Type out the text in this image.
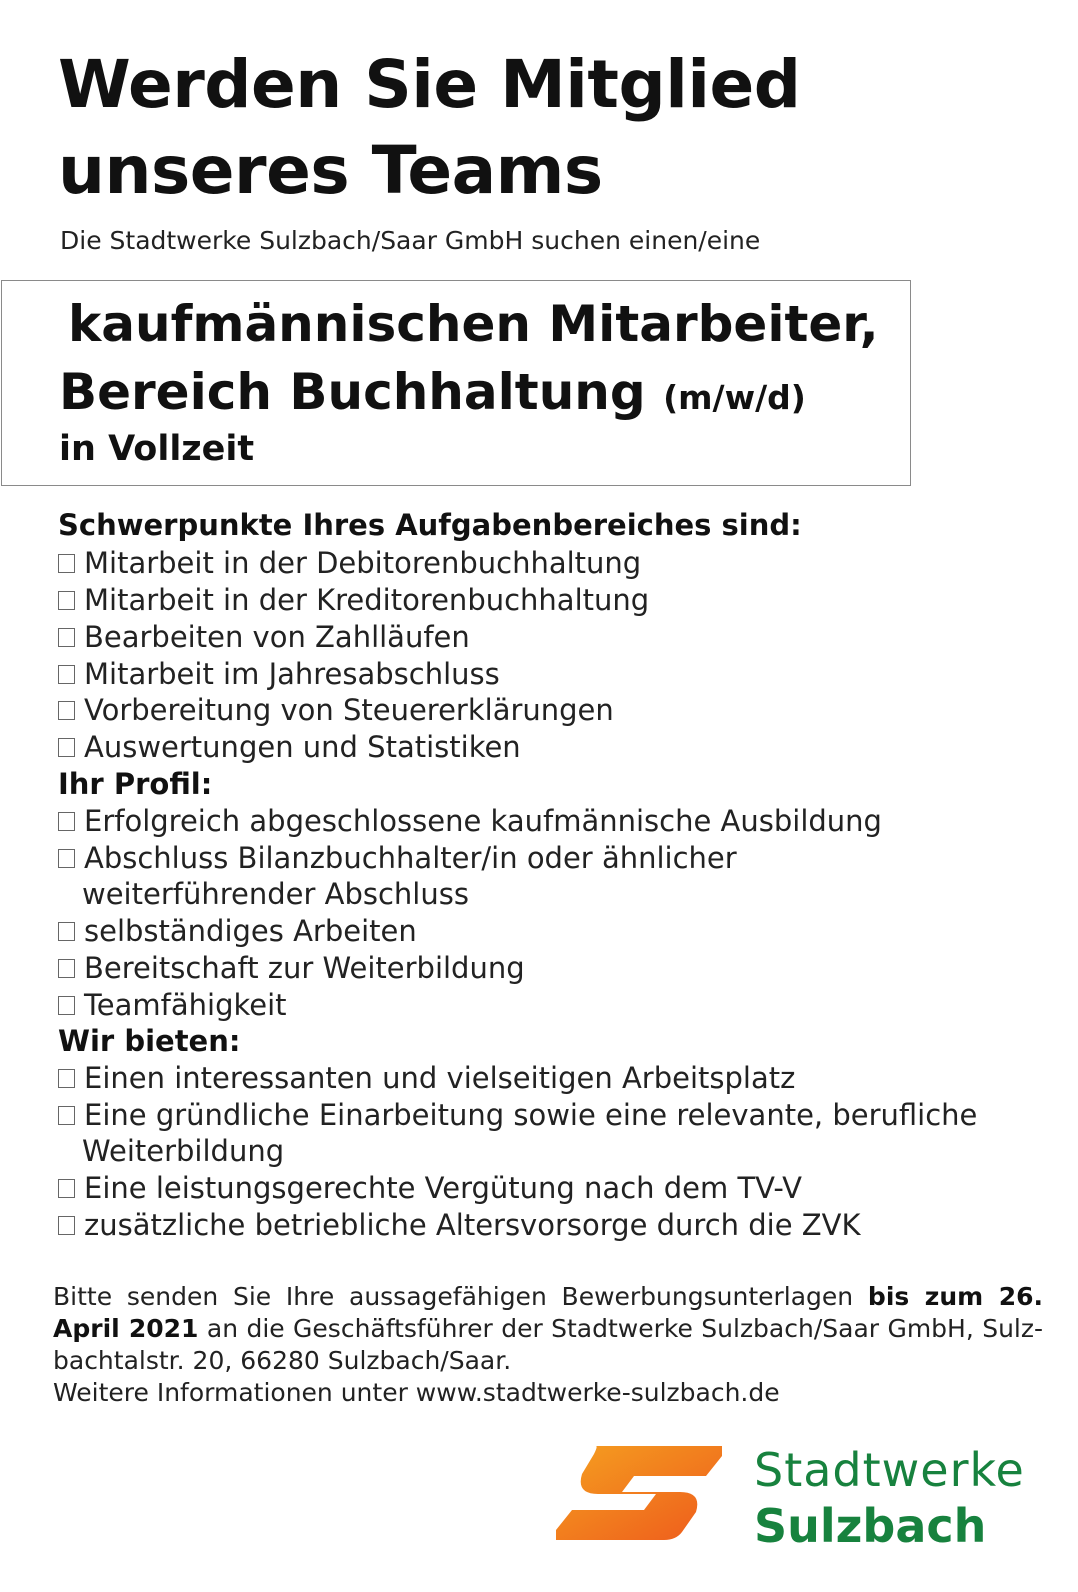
Werden Sie Mitglied
unseres Teams
Die Stadtwerke Sulzbach/Saar GmbH suchen einen/eine
kaufmännischen Mitarbeiter,
Bereich Buchhaltung (m/w/d)
in Vollzeit
Schwerpunkte Ihres Aufgabenbereiches sind:
Mitarbeit in der Debitorenbuchhaltung
Mitarbeit in der Kreditorenbuchhaltung
Bearbeiten von Zahlläufen
Mitarbeit im Jahresabschluss
Vorbereitung von Steuererklärungen
Auswertungen und Statistiken
Ihr Profil:
Erfolgreich abgeschlossene kaufmännische Ausbildung
Abschluss Bilanzbuchhalter/in oder ähnlicher
weiterführender Abschluss
selbständiges Arbeiten
Bereitschaft zur Weiterbildung
Teamfähigkeit
Wir bieten:
Einen interessanten und vielseitigen Arbeitsplatz
Eine gründliche Einarbeitung sowie eine relevante, berufliche
Weiterbildung
Eine leistungsgerechte Vergütung nach dem TV-V
zusätzliche betriebliche Altersvorsorge durch die ZVK
Bitte senden Sie Ihre aussagefähigen Bewerbungsunterlagen bis zum 26. April 2021 an die Geschäftsführer der Stadtwerke Sulzbach/Saar GmbH, Sulz-bachtalstr. 20, 66280 Sulzbach/Saar.
Weitere Informationen unter www.stadtwerke-sulzbach.de
Stadtwerke
Sulzbach
